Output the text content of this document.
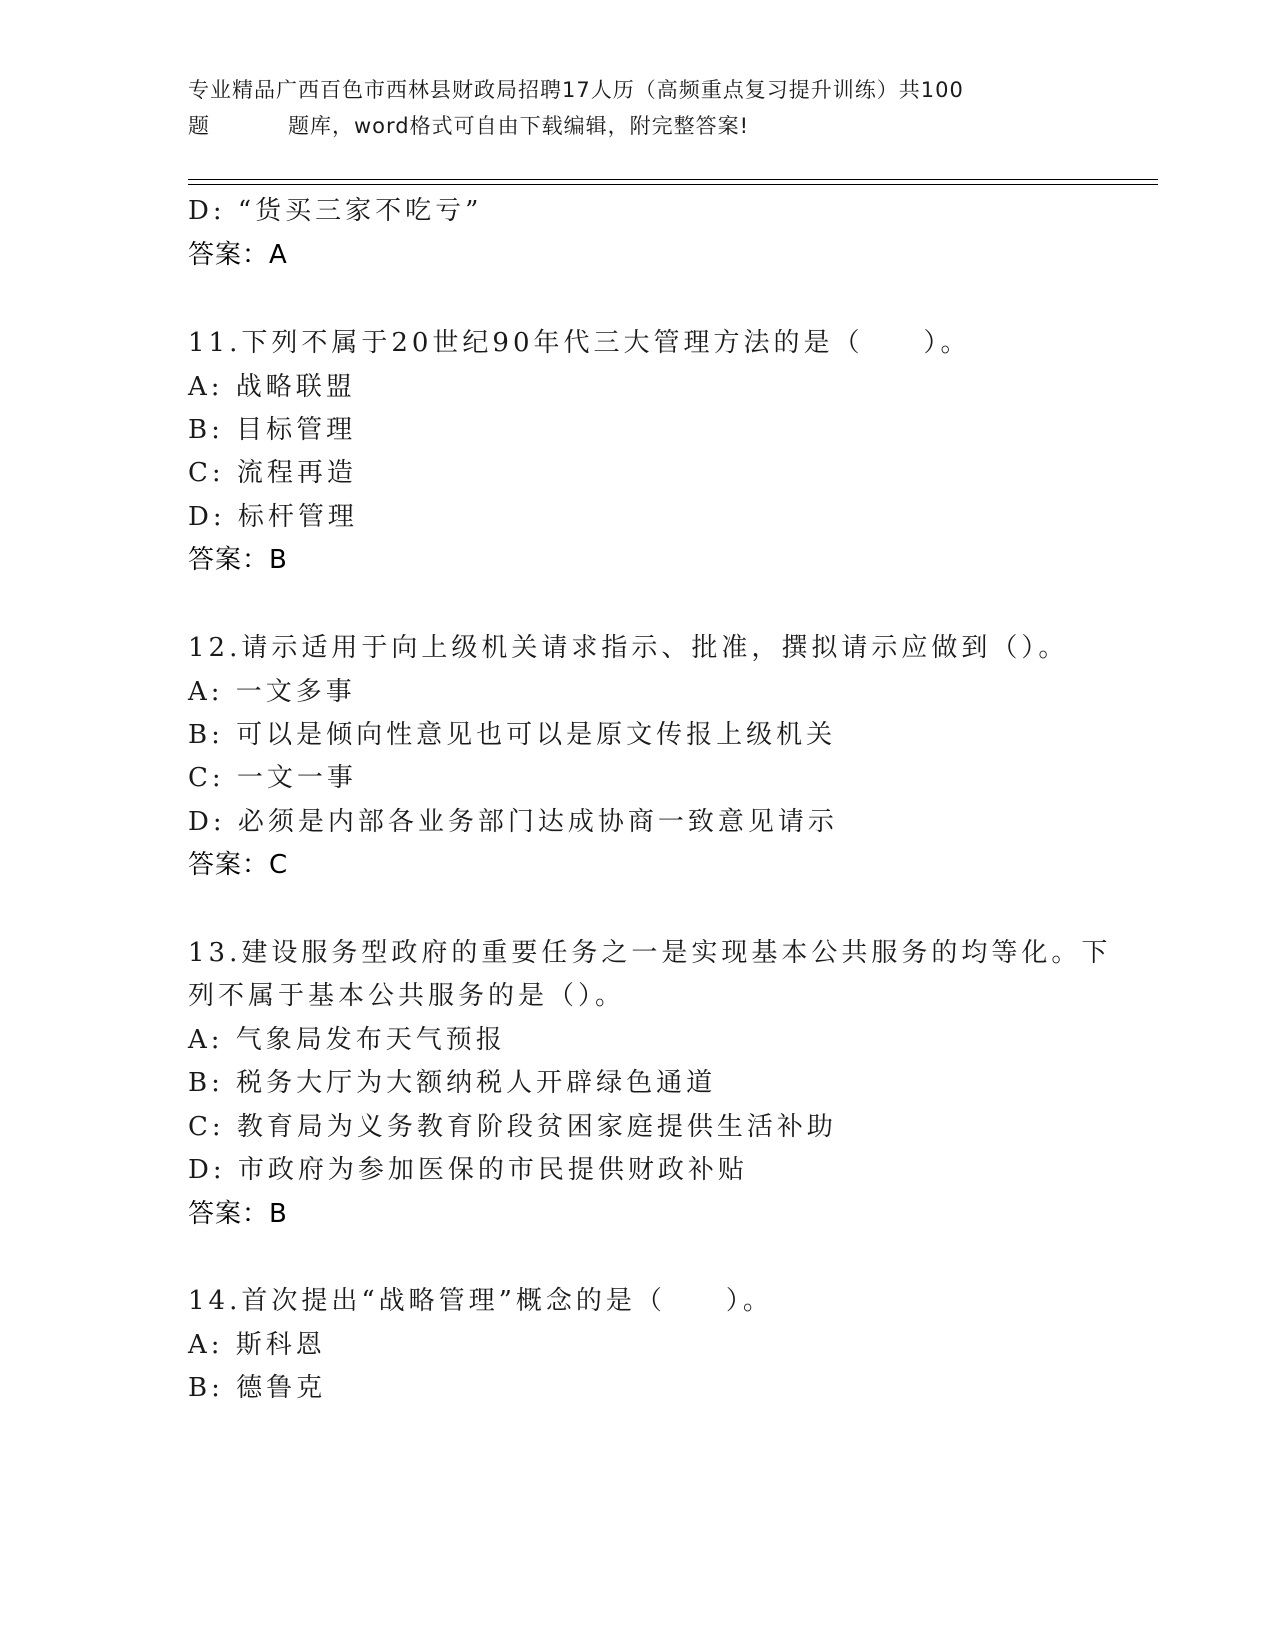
专业精品广西百色市西林县财政局招聘17人历（高频重点复习提升训练）共100
题	题库，word格式可自由下载编辑，附完整答案!
D: “货买三家不吃亏”
答案：A
11.下列不属于20世纪90年代三大管理方法的是（　　）。
A: 战略联盟
B: 目标管理
C: 流程再造
D: 标杆管理
答案：B
12.请示适用于向上级机关请求指示、批准，撰拟请示应做到（）。
A: 一文多事
B: 可以是倾向性意见也可以是原文传报上级机关
C: 一文一事
D: 必须是内部各业务部门达成协商一致意见请示
答案：C
13.建设服务型政府的重要任务之一是实现基本公共服务的均等化。下
列不属于基本公共服务的是（）。
A: 气象局发布天气预报
B: 税务大厅为大额纳税人开辟绿色通道
C: 教育局为义务教育阶段贫困家庭提供生活补助
D: 市政府为参加医保的市民提供财政补贴
答案：B
14.首次提出“战略管理”概念的是（　　）。
A: 斯科恩
B: 德鲁克
